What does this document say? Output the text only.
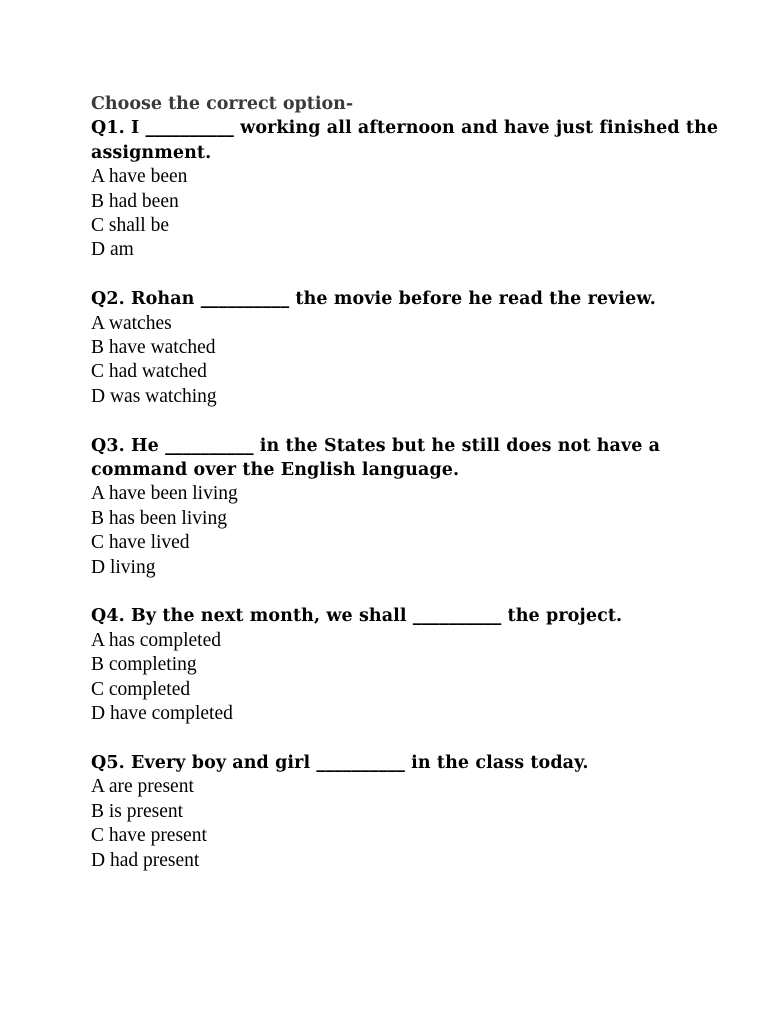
Choose the correct option-

Q1. I __________ working all afternoon and have just finished the assignment.

A have been
B had been
C shall be
D am

Q2. Rohan __________ the movie before he read the review.

A watches
B have watched
C had watched
D was watching

Q3. He __________ in the States but he still does not have a command over the English language.

A have been living
B has been living
C have lived
D living

Q4. By the next month, we shall __________ the project.

A has completed
B completing
C completed
D have completed

Q5. Every boy and girl __________ in the class today.

A are present
B is present
C have present
D had present
